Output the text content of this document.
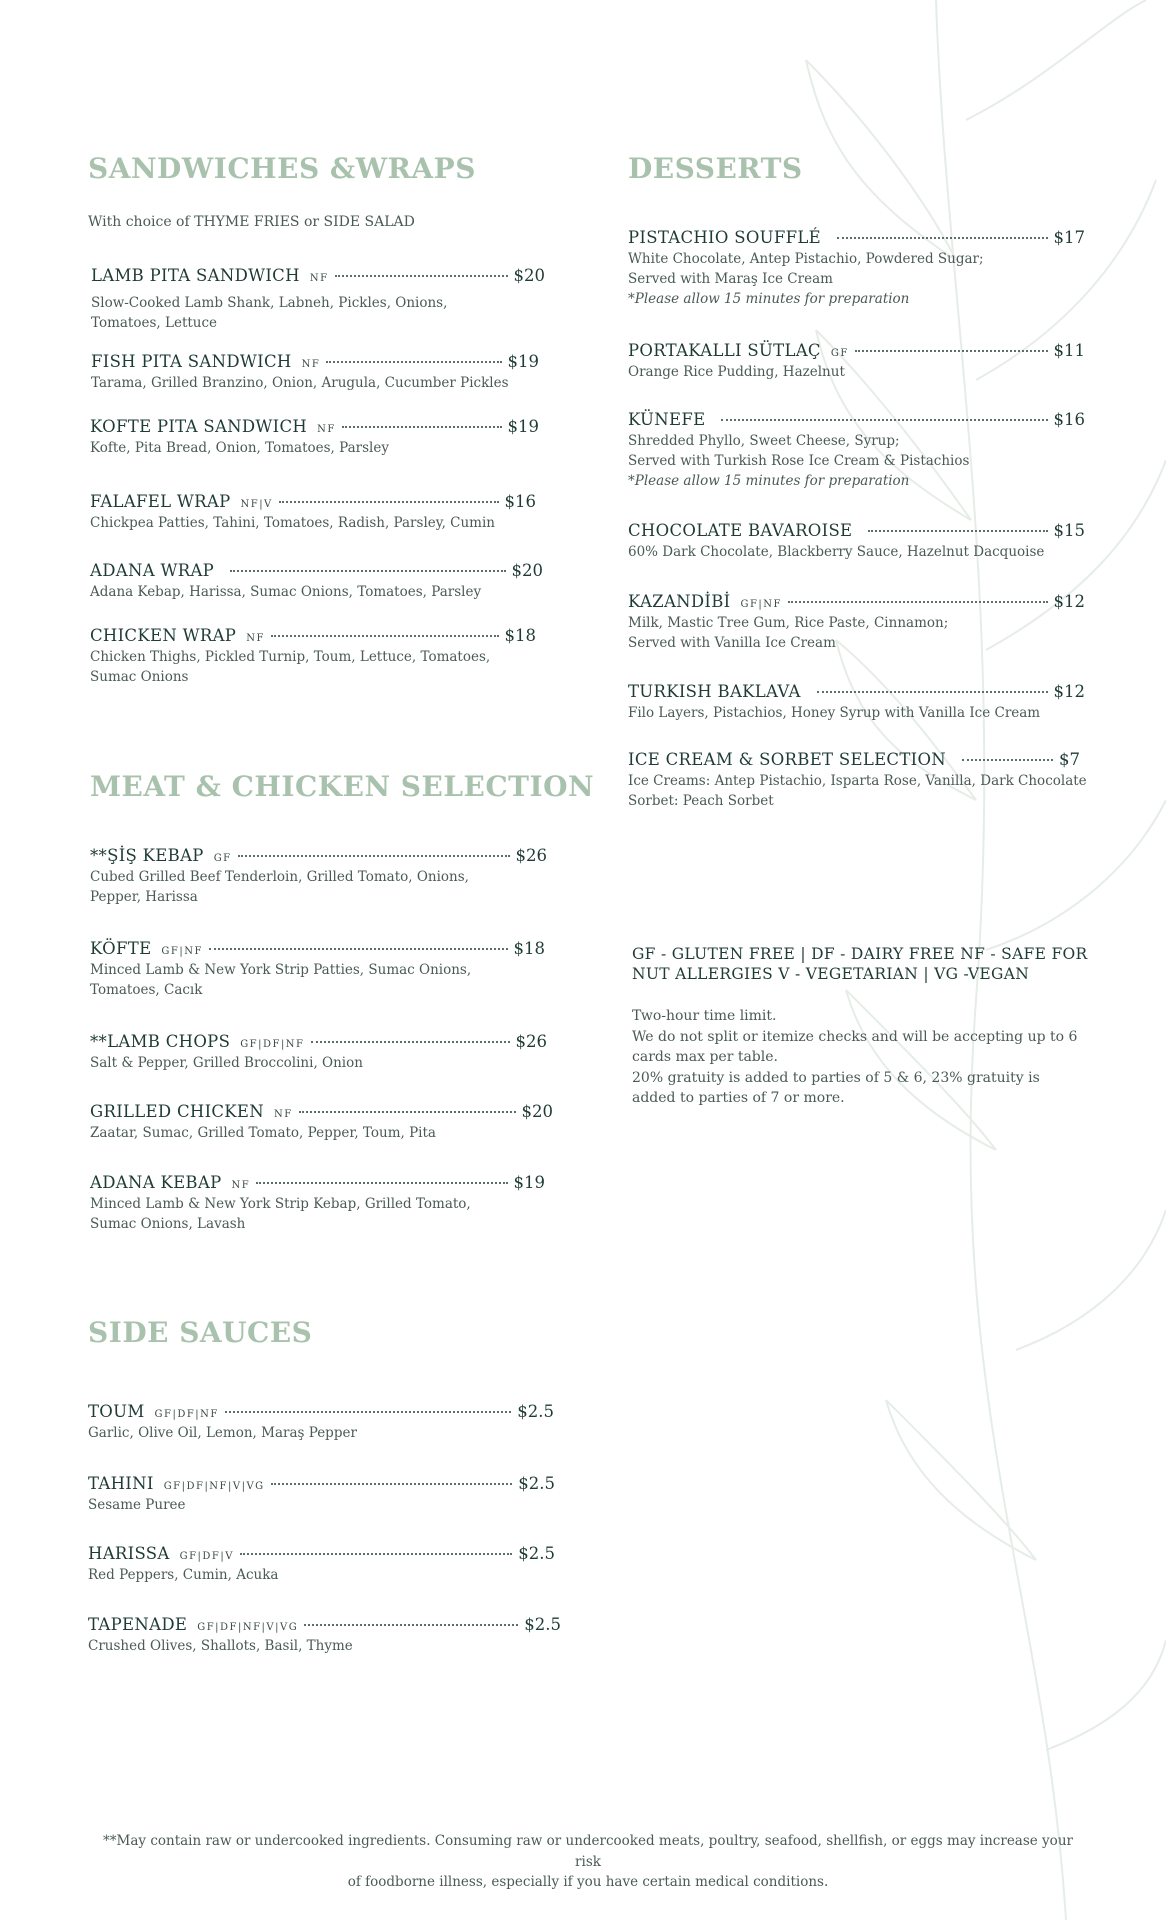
SANDWICHES &WRAPS
With choice of THYME FRIES or SIDE SALAD
LAMB PITA SANDWICH NF	$20
Slow-Cooked Lamb Shank, Labneh, Pickles, Onions,
Tomatoes, Lettuce
FISH PITA SANDWICH NF	$19
Tarama, Grilled Branzino, Onion, Arugula, Cucumber Pickles
KOFTE PITA SANDWICH NF	$19
Kofte, Pita Bread, Onion, Tomatoes, Parsley
FALAFEL WRAP NF|V	$16
Chickpea Patties, Tahini, Tomatoes, Radish, Parsley, Cumin
ADANA WRAP	$20
Adana Kebap, Harissa, Sumac Onions, Tomatoes, Parsley
CHICKEN WRAP NF	$18
Chicken Thighs, Pickled Turnip, Toum, Lettuce, Tomatoes,
Sumac Onions
MEAT & CHICKEN SELECTION
**ŞİŞ KEBAP GF	$26
Cubed Grilled Beef Tenderloin, Grilled Tomato, Onions,
Pepper, Harissa
KÖFTE GF|NF	$18
Minced Lamb & New York Strip Patties, Sumac Onions,
Tomatoes, Cacık
**LAMB CHOPS GF|DF|NF	$26
Salt & Pepper, Grilled Broccolini, Onion
GRILLED CHICKEN NF	$20
Zaatar, Sumac, Grilled Tomato, Pepper, Toum, Pita
ADANA KEBAP NF	$19
Minced Lamb & New York Strip Kebap, Grilled Tomato,
Sumac Onions, Lavash
SIDE SAUCES
TOUM GF|DF|NF	$2.5
Garlic, Olive Oil, Lemon, Maraş Pepper
TAHINI GF|DF|NF|V|VG	$2.5
Sesame Puree
HARISSA GF|DF|V	$2.5
Red Peppers, Cumin, Acuka
TAPENADE GF|DF|NF|V|VG	$2.5
Crushed Olives, Shallots, Basil, Thyme
DESSERTS
PISTACHIO SOUFFLÉ	$17
White Chocolate, Antep Pistachio, Powdered Sugar;
Served with Maraş Ice Cream
*Please allow 15 minutes for preparation
PORTAKALLI SÜTLAÇ GF	$11
Orange Rice Pudding, Hazelnut
KÜNEFE	$16
Shredded Phyllo, Sweet Cheese, Syrup;
Served with Turkish Rose Ice Cream & Pistachios
*Please allow 15 minutes for preparation
CHOCOLATE BAVAROISE	$15
60% Dark Chocolate, Blackberry Sauce, Hazelnut Dacquoise
KAZANDİBİ GF|NF	$12
Milk, Mastic Tree Gum, Rice Paste, Cinnamon;
Served with Vanilla Ice Cream
TURKISH BAKLAVA	$12
Filo Layers, Pistachios, Honey Syrup with Vanilla Ice Cream
ICE CREAM & SORBET SELECTION	$7
Ice Creams: Antep Pistachio, Isparta Rose, Vanilla, Dark Chocolate
Sorbet: Peach Sorbet
GF - GLUTEN FREE | DF - DAIRY FREE NF - SAFE FOR
NUT ALLERGIES V - VEGETARIAN | VG -VEGAN
Two-hour time limit.
We do not split or itemize checks and will be accepting up to 6
cards max per table.
20% gratuity is added to parties of 5 & 6, 23% gratuity is
added to parties of 7 or more.
**May contain raw or undercooked ingredients. Consuming raw or undercooked meats, poultry, seafood, shellfish, or eggs may increase your risk
of foodborne illness, especially if you have certain medical conditions.
